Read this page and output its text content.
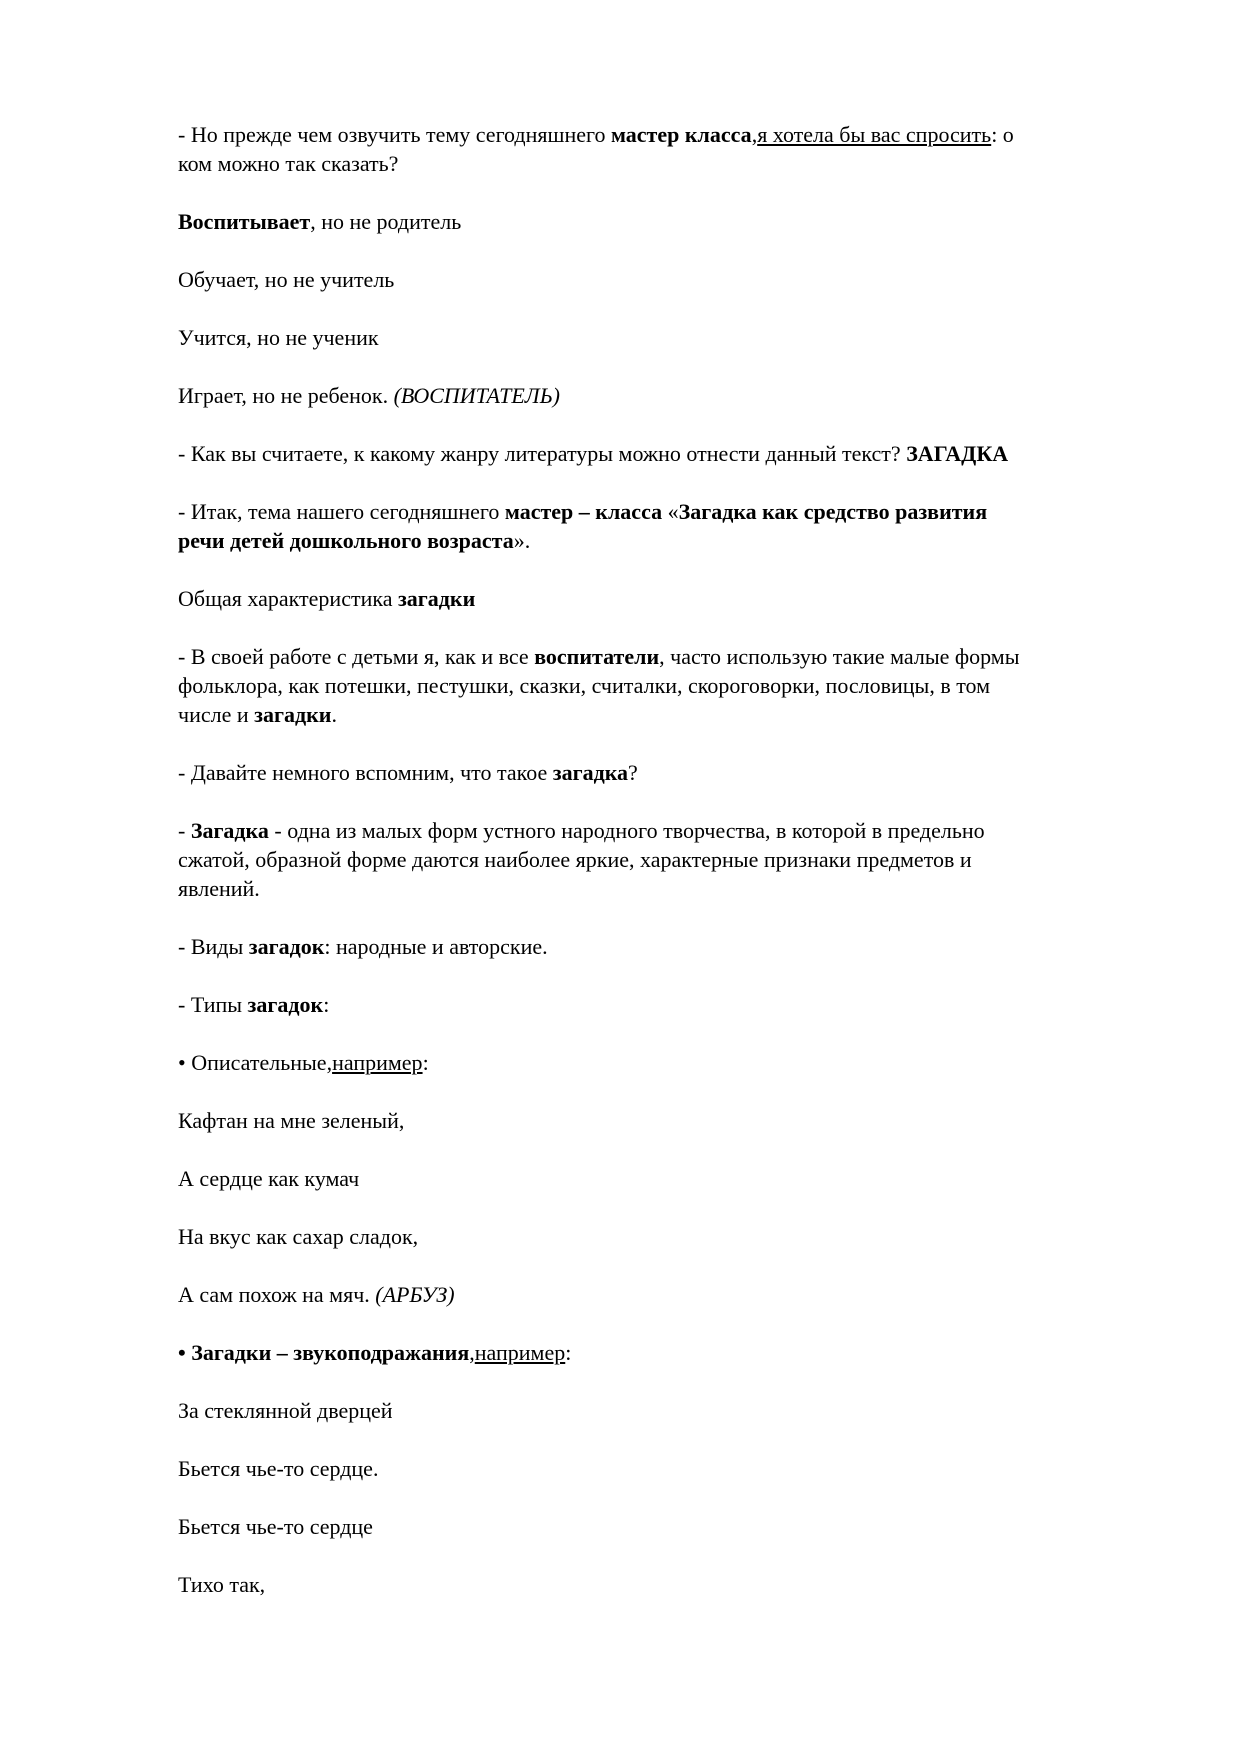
- Но прежде чем озвучить тему сегодняшнего мастер класса,я хотела бы вас спросить: о
ком можно так сказать?
Воспитывает, но не родитель
Обучает, но не учитель
Учится, но не ученик
Играет, но не ребенок. (ВОСПИТАТЕЛЬ)
- Как вы считаете, к какому жанру литературы можно отнести данный текст? ЗАГАДКА
- Итак, тема нашего сегодняшнего мастер – класса «Загадка как средство развития
речи детей дошкольного возраста».
Общая характеристика загадки
- В своей работе с детьми я, как и все воспитатели, часто использую такие малые формы
фольклора, как потешки, пестушки, сказки, считалки, скороговорки, пословицы, в том
числе и загадки.
- Давайте немного вспомним, что такое загадка?
- Загадка - одна из малых форм устного народного творчества, в которой в предельно
сжатой, образной форме даются наиболее яркие, характерные признаки предметов и
явлений.
- Виды загадок: народные и авторские.
- Типы загадок:
• Описательные,например:
Кафтан на мне зеленый,
А сердце как кумач
На вкус как сахар сладок,
А сам похож на мяч. (АРБУЗ)
• Загадки – звукоподражания,например:
За стеклянной дверцей
Бьется чье-то сердце.
Бьется чье-то сердце
Тихо так,
